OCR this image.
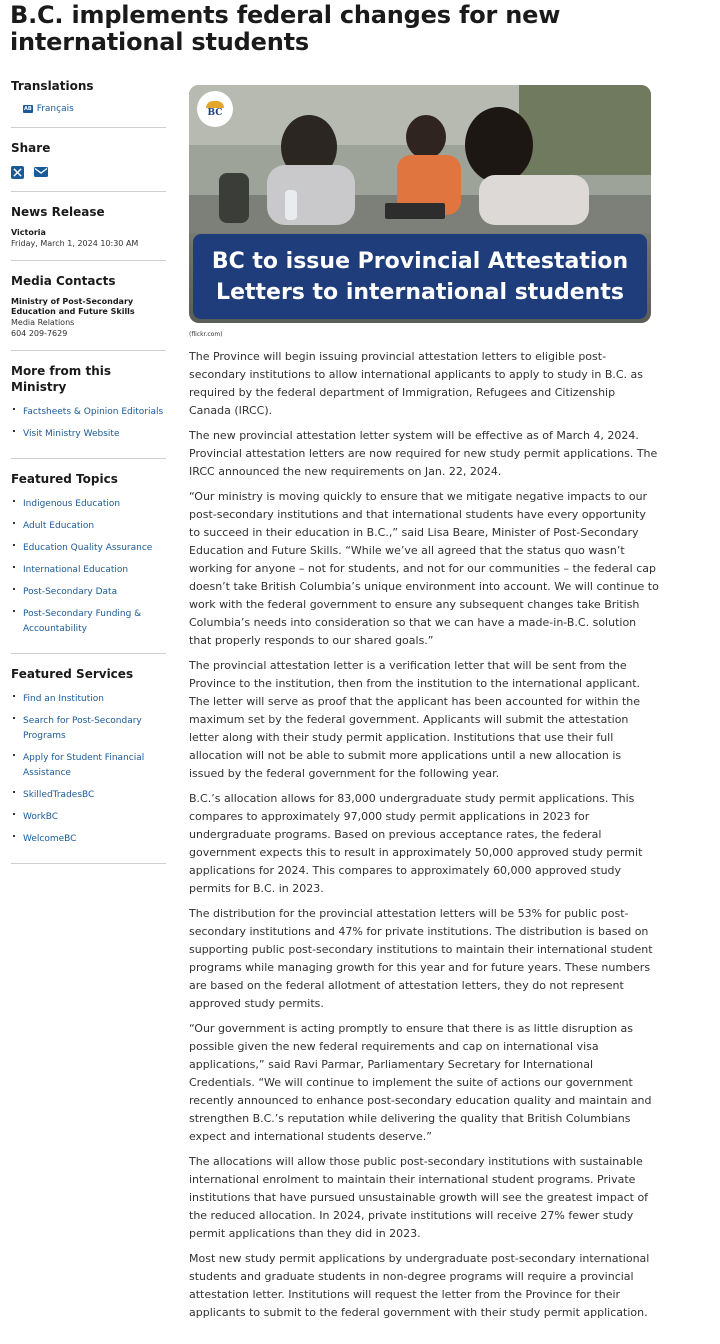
B.C. implements federal changes for new international students
Translations
AB Français
Share
News Release
Victoria
Friday, March 1, 2024 10:30 AM
Media Contacts
Ministry of Post-Secondary Education and Future Skills
Media Relations
604 209-7629
More from this Ministry
Factsheets & Opinion Editorials
Visit Ministry Website
Featured Topics
Indigenous Education
Adult Education
Education Quality Assurance
International Education
Post-Secondary Data
Post-Secondary Funding & Accountability
Featured Services
Find an Institution
Search for Post-Secondary Programs
Apply for Student Financial Assistance
SkilledTradesBC
WorkBC
WelcomeBC
BC
BC to issue Provincial Attestation
Letters to international students
(flickr.com)

The Province will begin issuing provincial attestation letters to eligible post-secondary institutions to allow international applicants to apply to study in B.C. as required by the federal department of Immigration, Refugees and Citizenship Canada (IRCC).

The new provincial attestation letter system will be effective as of March 4, 2024. Provincial attestation letters are now required for new study permit applications. The IRCC announced the new requirements on Jan. 22, 2024.

“Our ministry is moving quickly to ensure that we mitigate negative impacts to our post-secondary institutions and that international students have every opportunity to succeed in their education in B.C.,” said Lisa Beare, Minister of Post-Secondary Education and Future Skills. “While we’ve all agreed that the status quo wasn’t working for anyone – not for students, and not for our communities – the federal cap doesn’t take British Columbia’s unique environment into account. We will continue to work with the federal government to ensure any subsequent changes take British Columbia’s needs into consideration so that we can have a made-in-B.C. solution that properly responds to our shared goals.”

The provincial attestation letter is a verification letter that will be sent from the Province to the institution, then from the institution to the international applicant. The letter will serve as proof that the applicant has been accounted for within the maximum set by the federal government. Applicants will submit the attestation letter along with their study permit application. Institutions that use their full allocation will not be able to submit more applications until a new allocation is issued by the federal government for the following year.

B.C.’s allocation allows for 83,000 undergraduate study permit applications. This compares to approximately 97,000 study permit applications in 2023 for undergraduate programs. Based on previous acceptance rates, the federal government expects this to result in approximately 50,000 approved study permit applications for 2024. This compares to approximately 60,000 approved study permits for B.C. in 2023.

The distribution for the provincial attestation letters will be 53% for public post-secondary institutions and 47% for private institutions. The distribution is based on supporting public post-secondary institutions to maintain their international student programs while managing growth for this year and for future years. These numbers are based on the federal allotment of attestation letters, they do not represent approved study permits.

“Our government is acting promptly to ensure that there is as little disruption as possible given the new federal requirements and cap on international visa applications,” said Ravi Parmar, Parliamentary Secretary for International Credentials. “We will continue to implement the suite of actions our government recently announced to enhance post-secondary education quality and maintain and strengthen B.C.’s reputation while delivering the quality that British Columbians expect and international students deserve.”

The allocations will allow those public post-secondary institutions with sustainable international enrolment to maintain their international student programs. Private institutions that have pursued unsustainable growth will see the greatest impact of the reduced allocation. In 2024, private institutions will receive 27% fewer study permit applications than they did in 2023.

Most new study permit applications by undergraduate post-secondary international students and graduate students in non-degree programs will require a provincial attestation letter. Institutions will request the letter from the Province for their applicants to submit to the federal government with their study permit application.
